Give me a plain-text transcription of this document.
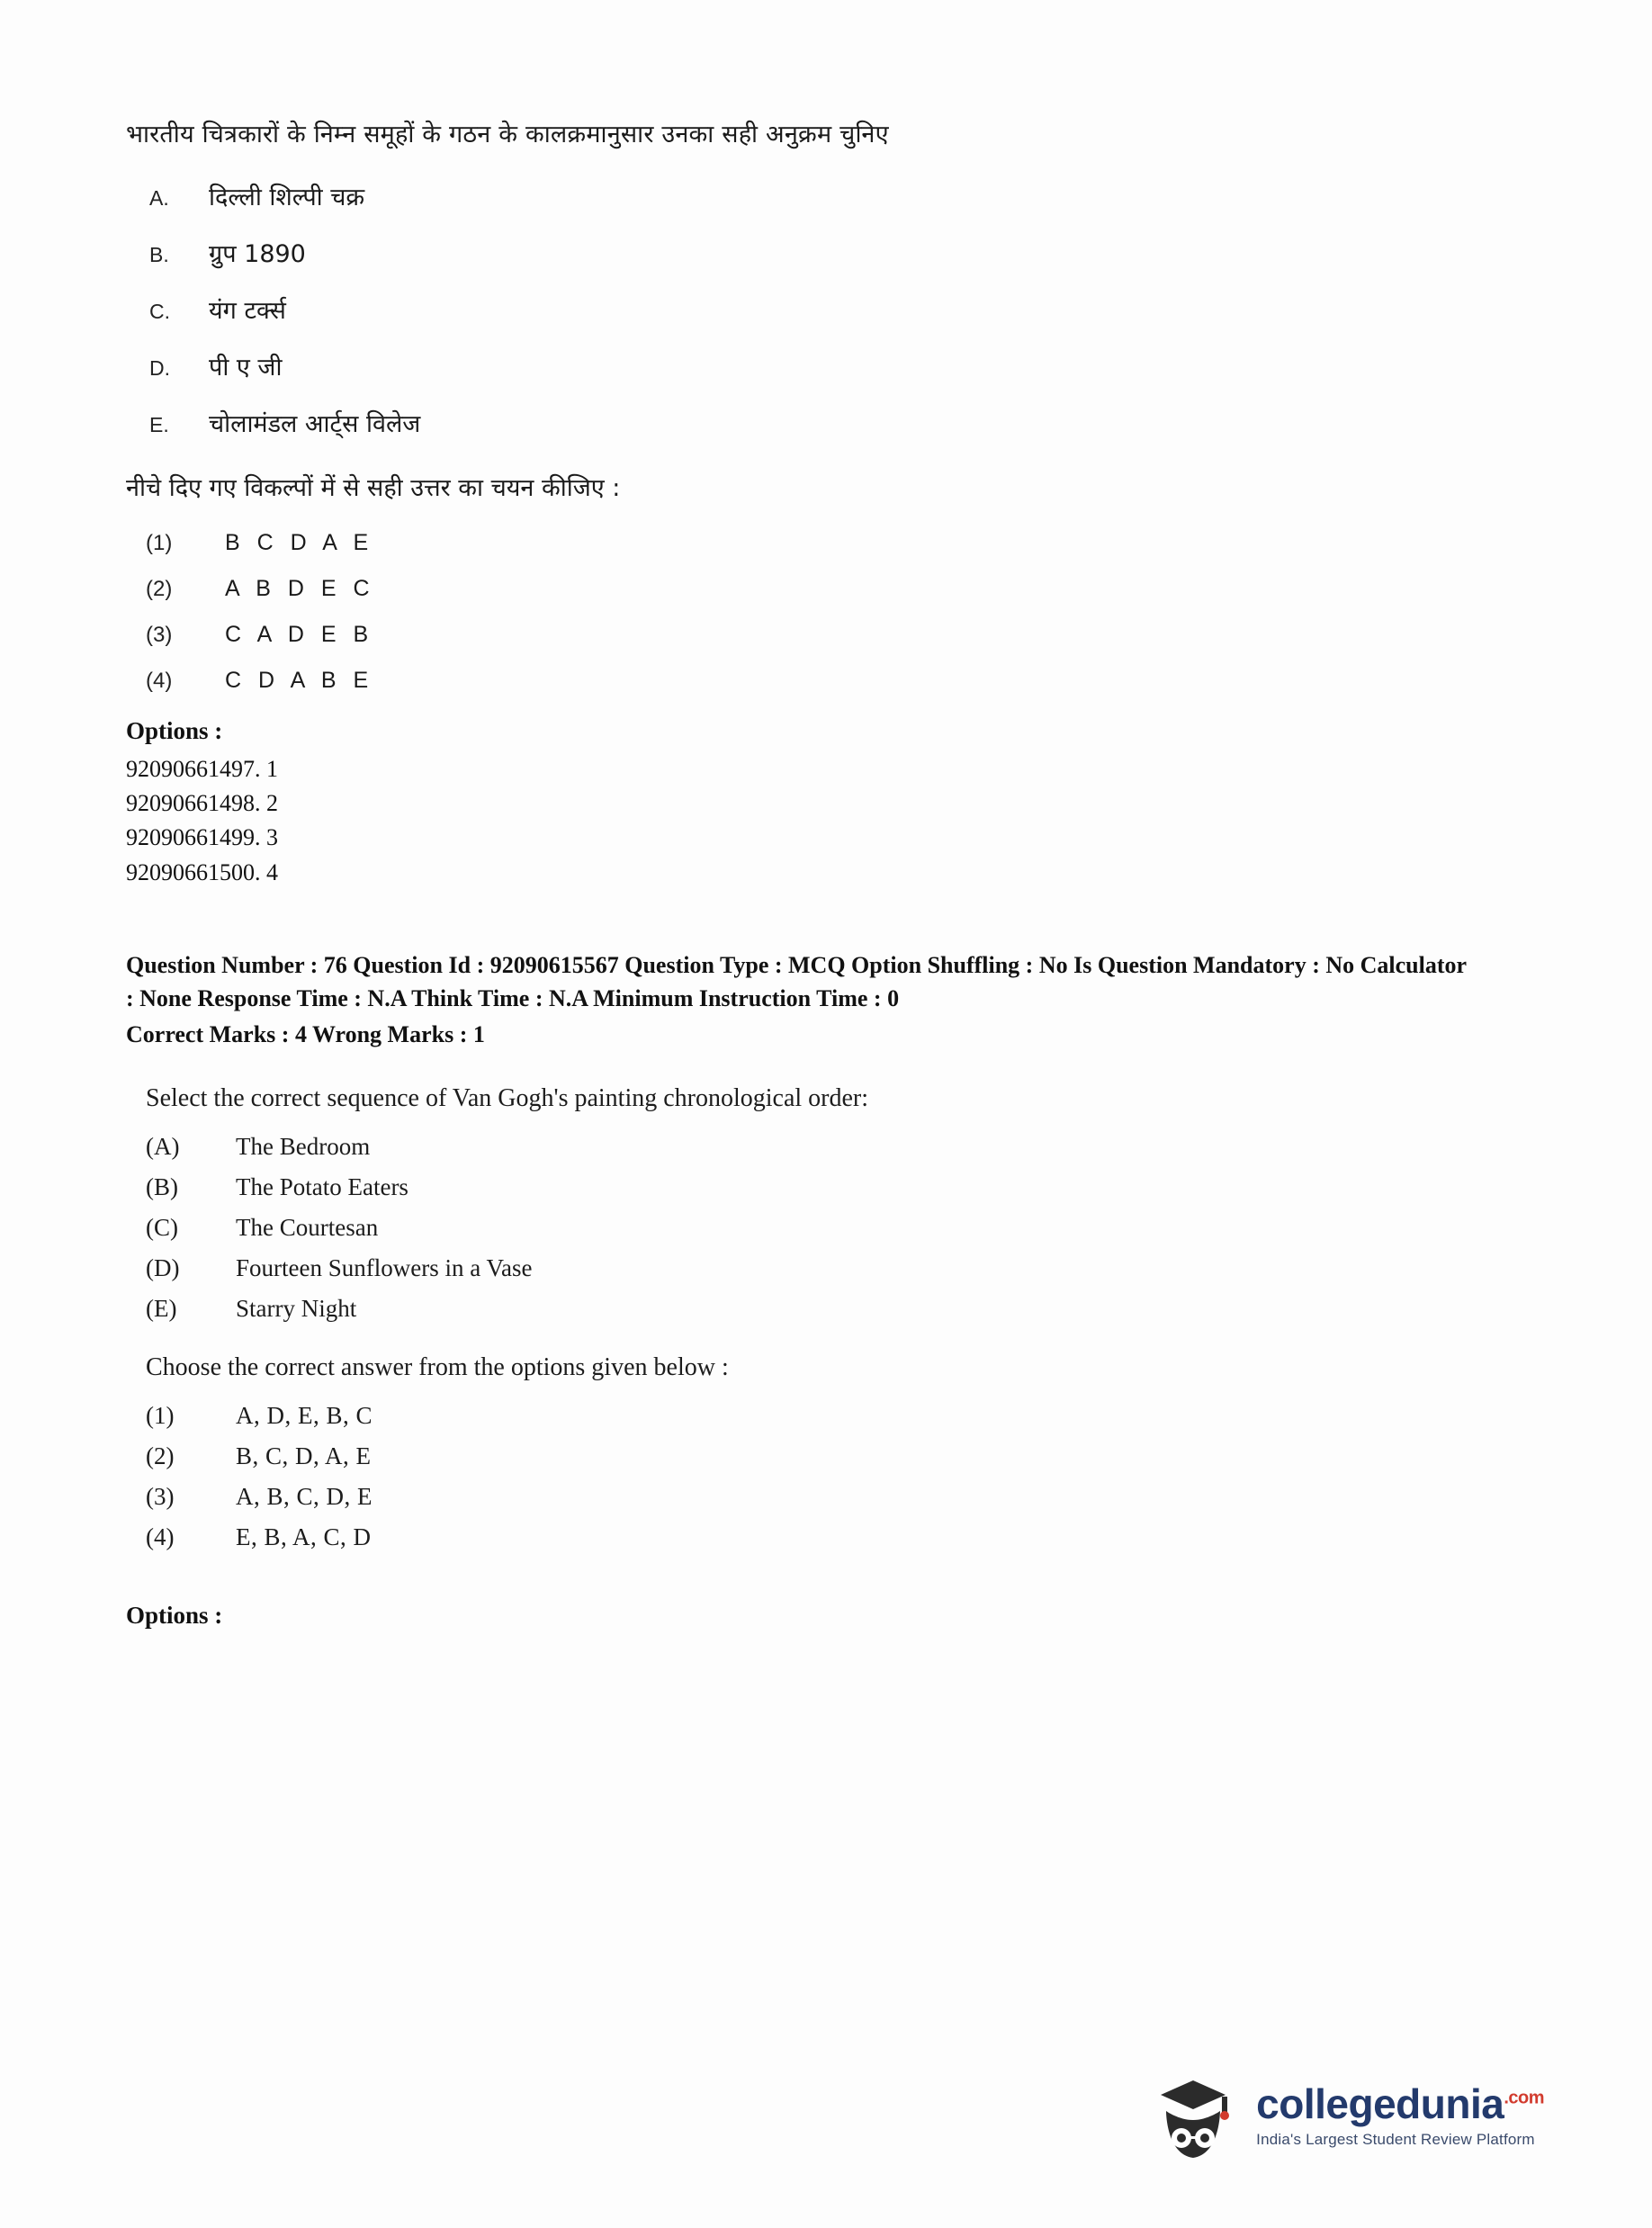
भारतीय चित्रकारों के निम्न समूहों के गठन के कालक्रमानुसार उनका सही अनुक्रम चुनिए
A.	दिल्ली शिल्पी चक्र
B.	ग्रुप 1890
C.	यंग टर्क्स
D.	पी ए जी
E.	चोलामंडल आर्ट्स विलेज
नीचे दिए गए विकल्पों में से सही उत्तर का चयन कीजिए :
(1)	B C D A E
(2)	A B D E C
(3)	C A D E B
(4)	C D A B E
Options :
92090661497. 1
92090661498. 2
92090661499. 3
92090661500. 4
Question Number : 76 Question Id : 92090615567 Question Type : MCQ Option Shuffling : No Is Question Mandatory : No Calculator : None Response Time : N.A Think Time : N.A Minimum Instruction Time : 0
Correct Marks : 4 Wrong Marks : 1
Select the correct sequence of Van Gogh's painting chronological order:
(A)	The Bedroom
(B)	The Potato Eaters
(C)	The Courtesan
(D)	Fourteen Sunflowers in a Vase
(E)	Starry Night
Choose the correct answer from the options given below :
(1)	A, D, E, B, C
(2)	B, C, D, A, E
(3)	A, B, C, D, E
(4)	E, B, A, C, D
Options :
collegedunia$^{.com}$
India's Largest Student Review Platform
